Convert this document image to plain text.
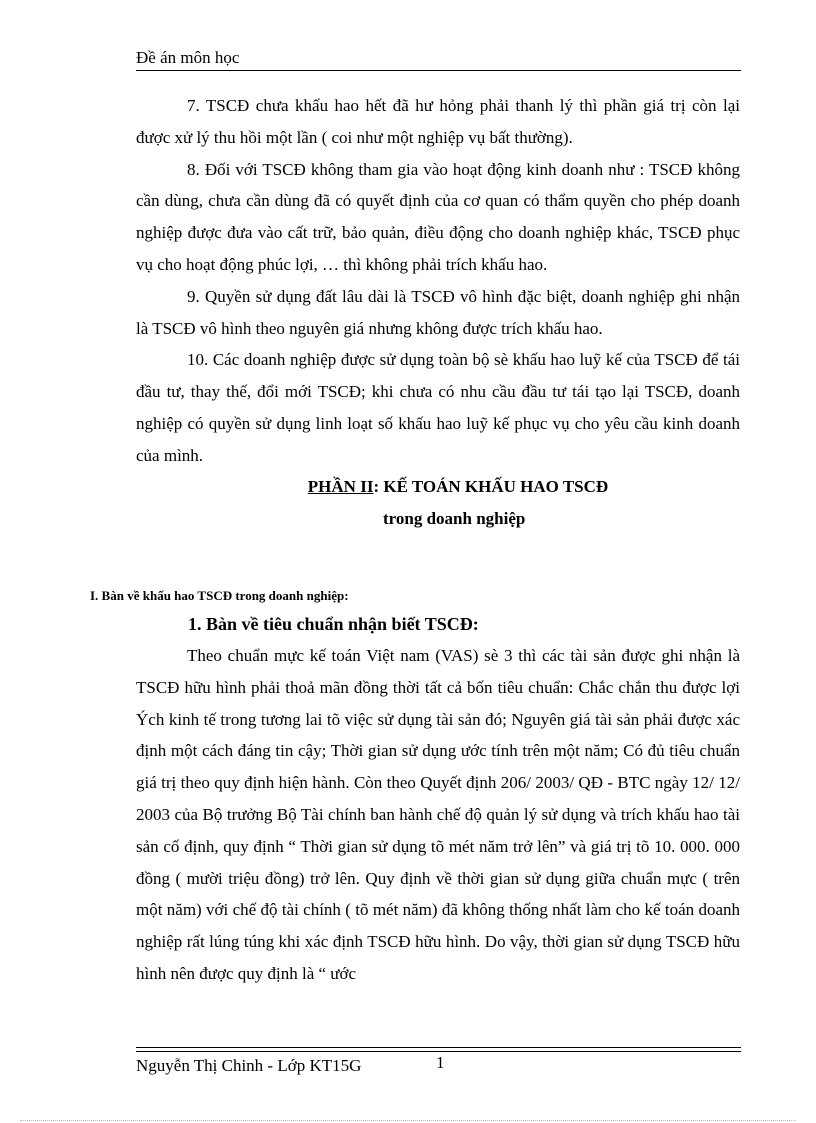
Đề án môn học

7. TSCĐ chưa khấu hao hết đã hư hỏng phải thanh lý thì phần giá trị còn lại được xử lý thu hồi một lần ( coi như một nghiệp vụ bất thường).

8. Đối với TSCĐ không tham gia vào hoạt động kinh doanh như : TSCĐ không cần dùng, chưa cần dùng đã có quyết định của cơ quan có thẩm quyền cho phép doanh nghiệp được đưa vào cất trữ, bảo quản, điều động cho doanh nghiệp khác, TSCĐ phục vụ cho hoạt động phúc lợi, … thì không phải trích khấu hao.

9. Quyền sử dụng đất lâu dài là TSCĐ vô hình đặc biệt, doanh nghiệp ghi nhận là TSCĐ vô hình theo nguyên giá nhưng không được trích khấu hao.

10. Các doanh nghiệp được sử dụng toàn bộ sè khấu hao luỹ kế của TSCĐ để tái đầu tư, thay thế, đổi mới TSCĐ; khi chưa có nhu cầu đầu tư tái tạo lại TSCĐ, doanh nghiệp có quyền sử dụng linh loạt số khấu hao luỹ kế phục vụ cho yêu cầu kinh doanh của mình.

PHẦN II: KẾ TOÁN KHẤU HAO TSCĐ

trong doanh nghiệp

I. Bàn về khấu hao TSCĐ trong doanh nghiệp:
1. Bàn về tiêu chuẩn nhận biết TSCĐ:

Theo chuẩn mực kế toán Việt nam (VAS) sè 3 thì các tài sản được ghi nhận là TSCĐ hữu hình phải thoả mãn đồng thời tất cả bốn tiêu chuẩn: Chắc chắn thu được lợi Ých kinh tế trong tương lai tõ việc sử dụng tài sản đó; Nguyên giá tài sản phải được xác định một cách đáng tin cậy; Thời gian sử dụng ước tính trên một năm; Có đủ tiêu chuẩn giá trị theo quy định hiện hành. Còn theo Quyết định 206/ 2003/ QĐ - BTC ngày 12/ 12/ 2003 của Bộ trưởng Bộ Tài chính ban hành chế độ quản lý sử dụng và trích khấu hao tài sản cố định, quy định “ Thời gian sử dụng tõ mét năm trở lên” và giá trị tõ 10. 000. 000 đồng ( mười triệu đồng) trở lên. Quy định về thời gian sử dụng giữa chuẩn mực ( trên một năm) với chế độ tài chính ( tõ mét năm) đã không thống nhất làm cho kế toán doanh nghiệp rất lúng túng khi xác định TSCĐ hữu hình. Do vậy, thời gian sử dụng TSCĐ hữu hình nên được quy định là “ ước

Nguyễn Thị Chinh - Lớp KT15G	1
